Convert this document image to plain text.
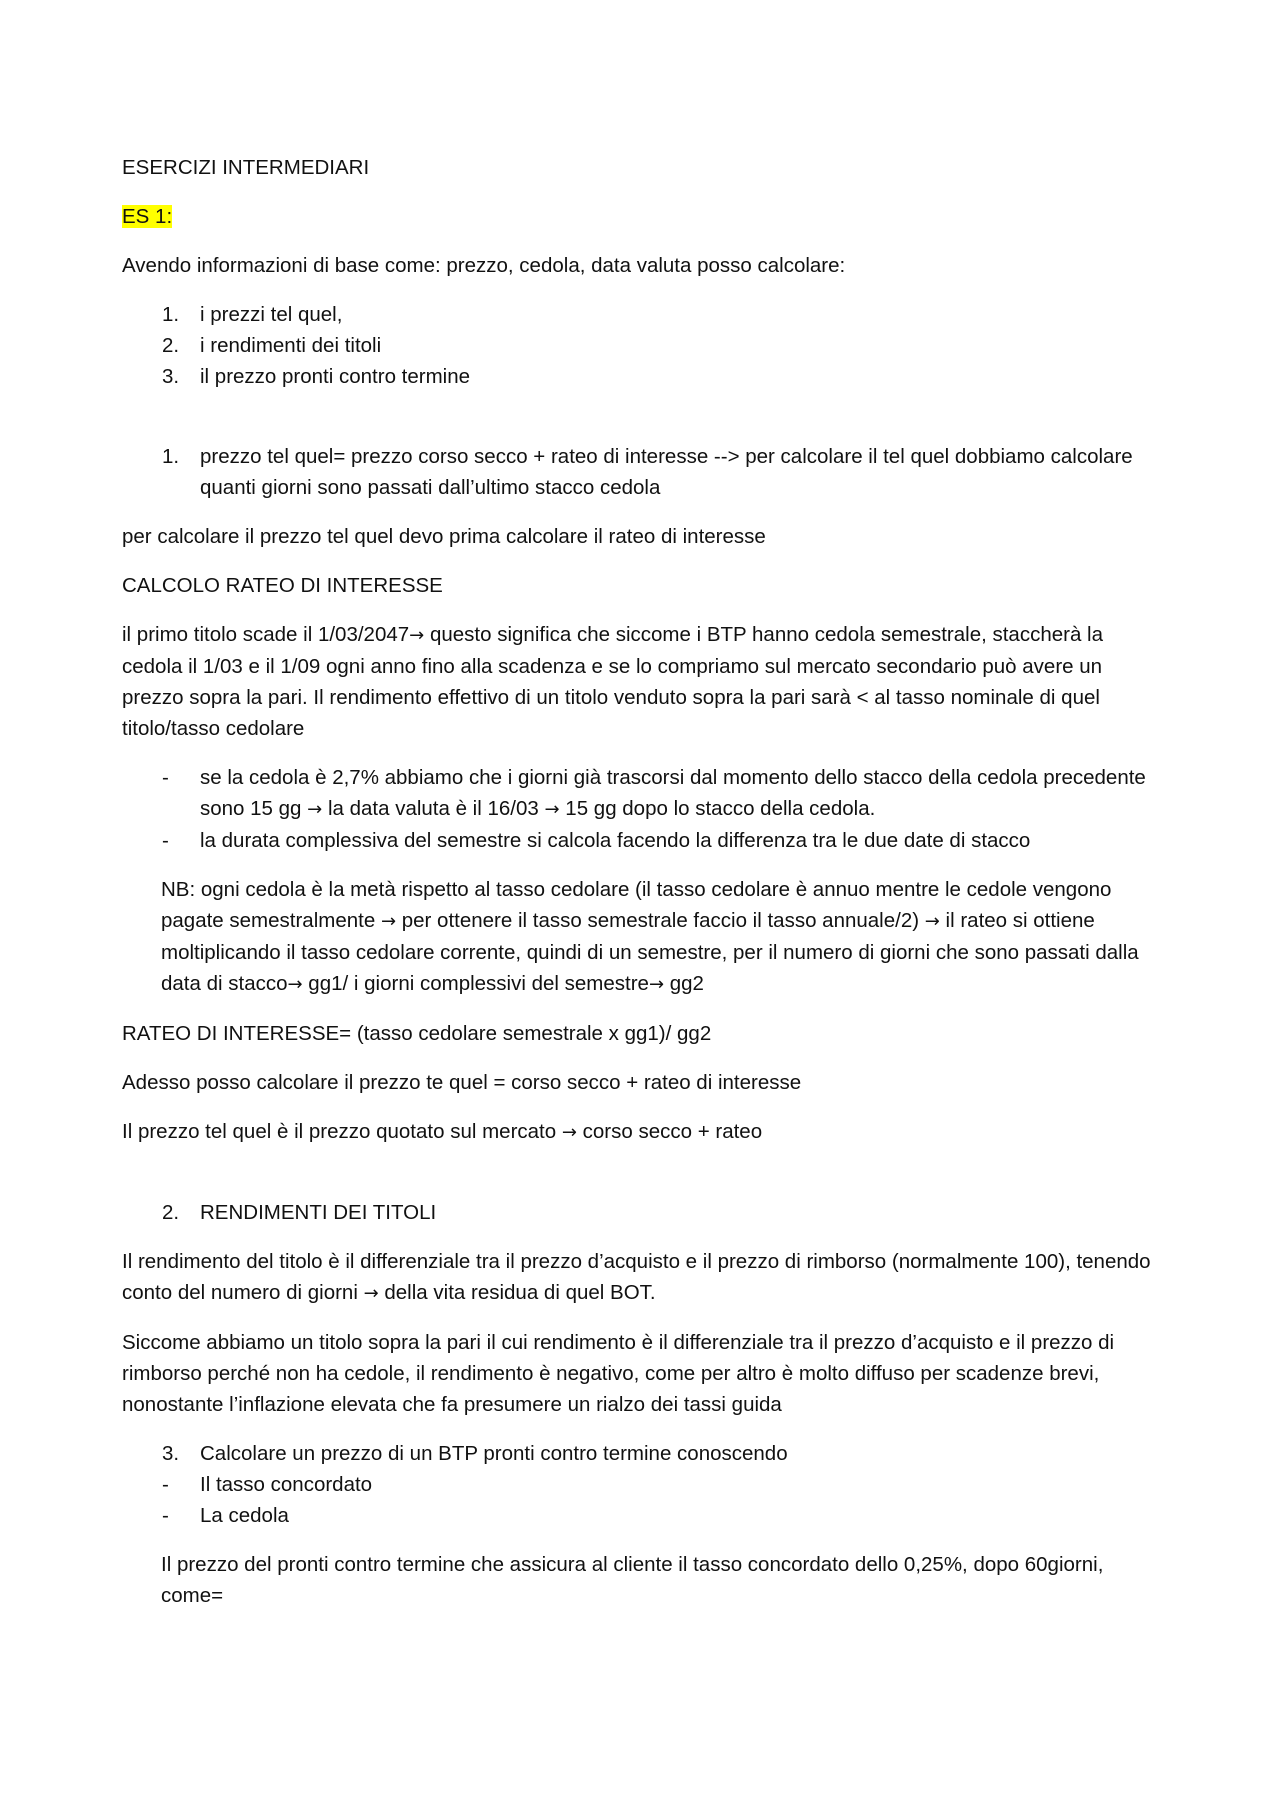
ESERCIZI INTERMEDIARI

ES 1:

Avendo informazioni di base come: prezzo, cedola, data valuta posso calcolare:

1. i prezzi tel quel,
2. i rendimenti dei titoli
3. il prezzo pronti contro termine
1. prezzo tel quel= prezzo corso secco + rateo di interesse --> per calcolare il tel quel dobbiamo calcolare quanti giorni sono passati dall’ultimo stacco cedola

per calcolare il prezzo tel quel devo prima calcolare il rateo di interesse

CALCOLO RATEO DI INTERESSE

il primo titolo scade il 1/03/2047→ questo significa che siccome i BTP hanno cedola semestrale, staccherà la cedola il 1/03 e il 1/09 ogni anno fino alla scadenza e se lo compriamo sul mercato secondario può avere un prezzo sopra la pari. Il rendimento effettivo di un titolo venduto sopra la pari sarà < al tasso nominale di quel titolo/tasso cedolare

- se la cedola è 2,7% abbiamo che i giorni già trascorsi dal momento dello stacco della cedola precedente sono 15 gg → la data valuta è il 16/03 → 15 gg dopo lo stacco della cedola.
- la durata complessiva del semestre si calcola facendo la differenza tra le due date di stacco

NB: ogni cedola è la metà rispetto al tasso cedolare (il tasso cedolare è annuo mentre le cedole vengono pagate semestralmente → per ottenere il tasso semestrale faccio il tasso annuale/2) → il rateo si ottiene moltiplicando il tasso cedolare corrente, quindi di un semestre, per il numero di giorni che sono passati dalla data di stacco→ gg1/ i giorni complessivi del semestre→ gg2

RATEO DI INTERESSE= (tasso cedolare semestrale x gg1)/ gg2

Adesso posso calcolare il prezzo te quel = corso secco + rateo di interesse

Il prezzo tel quel è il prezzo quotato sul mercato → corso secco + rateo

2. RENDIMENTI DEI TITOLI

Il rendimento del titolo è il differenziale tra il prezzo d’acquisto e il prezzo di rimborso (normalmente 100), tenendo conto del numero di giorni → della vita residua di quel BOT.

Siccome abbiamo un titolo sopra la pari il cui rendimento è il differenziale tra il prezzo d’acquisto e il prezzo di rimborso perché non ha cedole, il rendimento è negativo, come per altro è molto diffuso per scadenze brevi, nonostante l’inflazione elevata che fa presumere un rialzo dei tassi guida

3. Calcolare un prezzo di un BTP pronti contro termine conoscendo
- Il tasso concordato
- La cedola

Il prezzo del pronti contro termine che assicura al cliente il tasso concordato dello 0,25%, dopo 60giorni, come=
